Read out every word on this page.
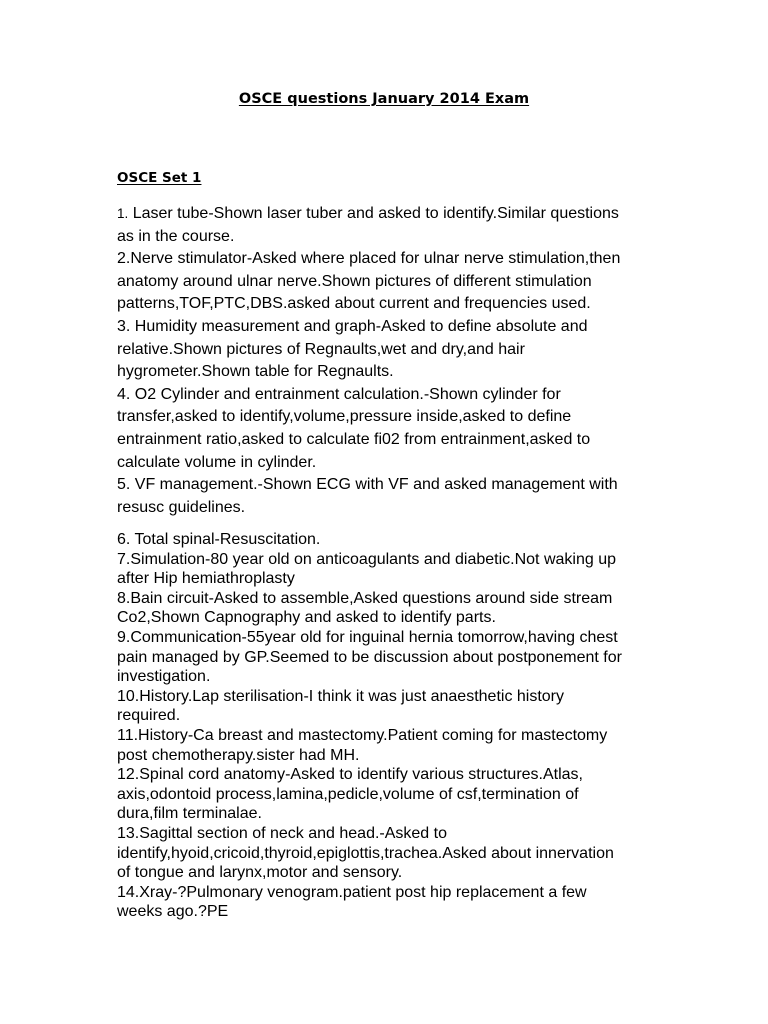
OSCE questions January 2014 Exam
OSCE Set 1
1. Laser tube-Shown laser tuber and asked to identify.Similar questions
as in the course.
2.Nerve stimulator-Asked where placed for ulnar nerve stimulation,then
anatomy around ulnar nerve.Shown pictures of different stimulation
patterns,TOF,PTC,DBS.asked about current and frequencies used.
3. Humidity measurement and graph-Asked to define absolute and
relative.Shown pictures of Regnaults,wet and dry,and hair
hygrometer.Shown table for Regnaults.
4. O2 Cylinder and entrainment calculation.-Shown cylinder for
transfer,asked to identify,volume,pressure inside,asked to define
entrainment ratio,asked to calculate fi02 from entrainment,asked to
calculate volume in cylinder.
5. VF management.-Shown ECG with VF and asked management with
resusc guidelines.
6. Total spinal-Resuscitation.
7.Simulation-80 year old on anticoagulants and diabetic.Not waking up
after Hip hemiathroplasty
8.Bain circuit-Asked to assemble,Asked questions around side stream
Co2,Shown Capnography and asked to identify parts.
9.Communication-55year old for inguinal hernia tomorrow,having chest
pain managed by GP.Seemed to be discussion about postponement for
investigation.
10.History.Lap sterilisation-I think it was just anaesthetic history
required.
11.History-Ca breast and mastectomy.Patient coming for mastectomy
post chemotherapy.sister had MH.
12.Spinal cord anatomy-Asked to identify various structures.Atlas,
axis,odontoid process,lamina,pedicle,volume of csf,termination of
dura,film terminalae.
13.Sagittal section of neck and head.-Asked to
identify,hyoid,cricoid,thyroid,epiglottis,trachea.Asked about innervation
of tongue and larynx,motor and sensory.
14.Xray-?Pulmonary venogram.patient post hip replacement a few
weeks ago.?PE
